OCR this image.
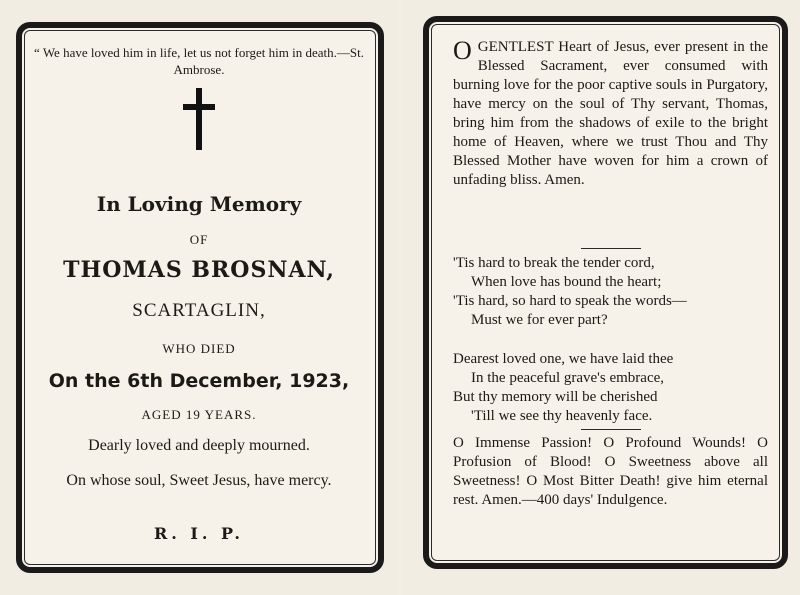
“ We have loved him in life, let us not forget him in death.—St. Ambrose.
In Loving Memory
OF
THOMAS BROSNAN,
SCARTAGLIN,
WHO DIED
On the 6th December, 1923,
AGED 19 YEARS.
Dearly loved and deeply mourned.
On whose soul, Sweet Jesus, have mercy.
R. I. P.
OGENTLEST Heart of Jesus, ever present in the Blessed Sacrament, ever consumed with burning love for the poor captive souls in Purgatory, have mercy on the soul of Thy servant, Thomas, bring him from the shadows of exile to the bright home of Heaven, where we trust Thou and Thy Blessed Mother have woven for him a crown of unfading bliss. Amen.
'Tis hard to break the tender cord,
When love has bound the heart;
'Tis hard, so hard to speak the words—
Must we for ever part?
Dearest loved one, we have laid thee
In the peaceful grave's embrace,
But thy memory will be cherished
'Till we see thy heavenly face.
O Immense Passion! O Profound Wounds! O Profusion of Blood! O Sweetness above all Sweetness! O Most Bitter Death! give him eternal rest. Amen.—400 days' Indulgence.
